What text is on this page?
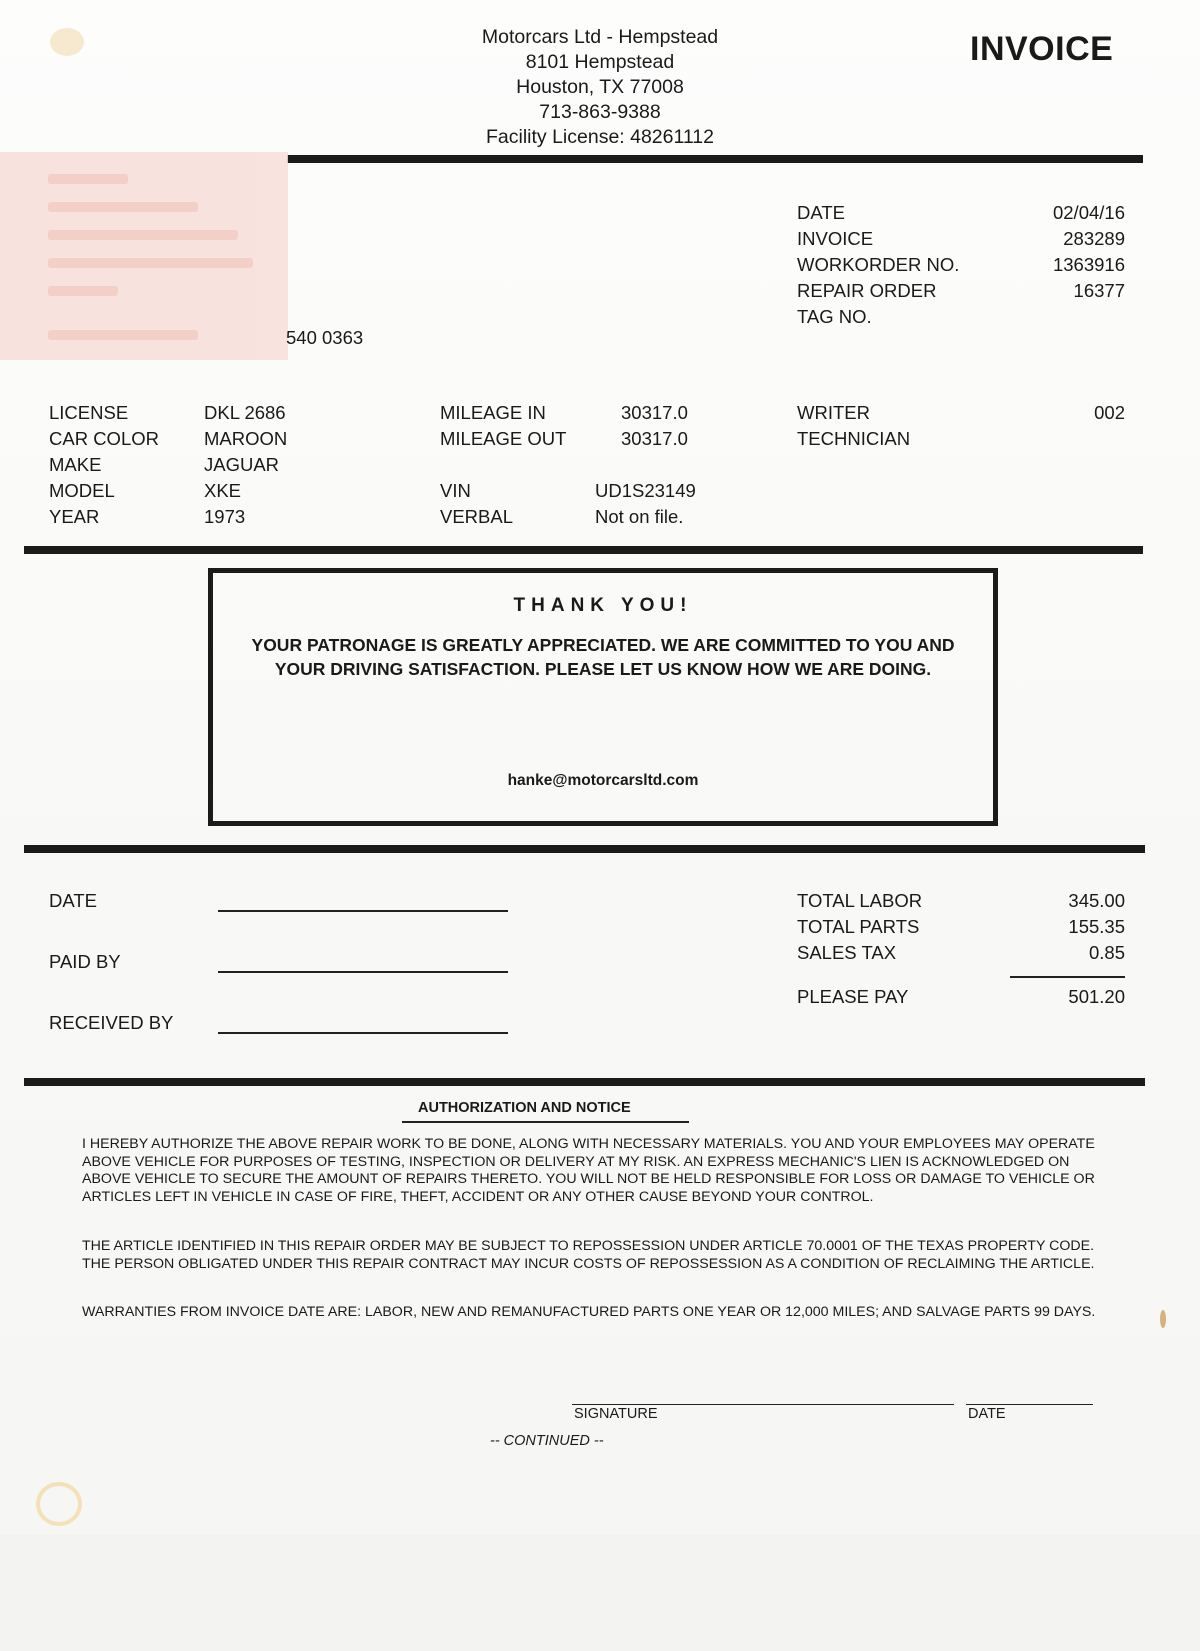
Motorcars Ltd - Hempstead
8101 Hempstead
Houston, TX 77008
713-863-9388
Facility License: 48261112
INVOICE
540 0363
DATE	02/04/16
INVOICE	283289
WORKORDER NO.	1363916
REPAIR ORDER	16377
TAG NO.
LICENSE	DKL 2686
CAR COLOR MAROON
MAKE	JAGUAR
MODEL	XKE
YEAR	1973
MILEAGE IN	30317.0
MILEAGE OUT	30317.0
VIN	UD1S23149
VERBAL	Not on file.
WRITER	002
TECHNICIAN
THANK YOU!
YOUR PATRONAGE IS GREATLY APPRECIATED. WE ARE COMMITTED TO YOU AND YOUR DRIVING SATISFACTION. PLEASE LET US KNOW HOW WE ARE DOING.
hanke@motorcarsltd.com
DATE
PAID BY
RECEIVED BY
TOTAL LABOR	345.00
TOTAL PARTS	155.35
SALES TAX	0.85
PLEASE PAY	501.20
AUTHORIZATION AND NOTICE
I HEREBY AUTHORIZE THE ABOVE REPAIR WORK TO BE DONE, ALONG WITH NECESSARY MATERIALS. YOU AND YOUR EMPLOYEES MAY OPERATE ABOVE VEHICLE FOR PURPOSES OF TESTING, INSPECTION OR DELIVERY AT MY RISK. AN EXPRESS MECHANIC'S LIEN IS ACKNOWLEDGED ON ABOVE VEHICLE TO SECURE THE AMOUNT OF REPAIRS THERETO. YOU WILL NOT BE HELD RESPONSIBLE FOR LOSS OR DAMAGE TO VEHICLE OR ARTICLES LEFT IN VEHICLE IN CASE OF FIRE, THEFT, ACCIDENT OR ANY OTHER CAUSE BEYOND YOUR CONTROL.
THE ARTICLE IDENTIFIED IN THIS REPAIR ORDER MAY BE SUBJECT TO REPOSSESSION UNDER ARTICLE 70.0001 OF THE TEXAS PROPERTY CODE. THE PERSON OBLIGATED UNDER THIS REPAIR CONTRACT MAY INCUR COSTS OF REPOSSESSION AS A CONDITION OF RECLAIMING THE ARTICLE.
WARRANTIES FROM INVOICE DATE ARE: LABOR, NEW AND REMANUFACTURED PARTS ONE YEAR OR 12,000 MILES; AND SALVAGE PARTS 99 DAYS.
SIGNATURE	DATE
-- CONTINUED --
